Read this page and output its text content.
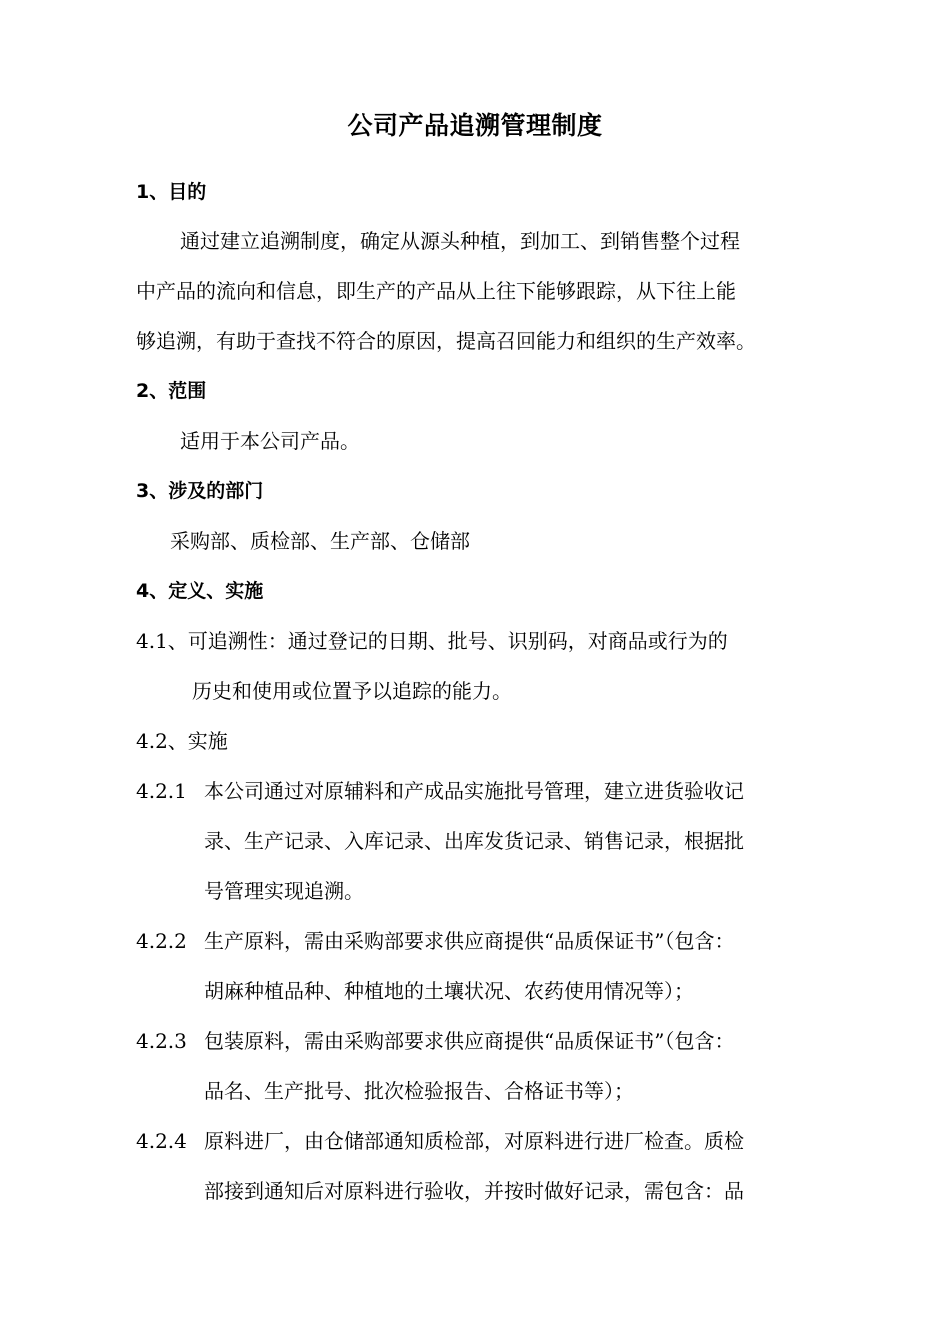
公司产品追溯管理制度
1、目的
通过建立追溯制度，确定从源头种植，到加工、到销售整个过程
中产品的流向和信息，即生产的产品从上往下能够跟踪，从下往上能
够追溯，有助于查找不符合的原因，提高召回能力和组织的生产效率。
2、范围
适用于本公司产品。
3、涉及的部门
采购部、质检部、生产部、仓储部
4、定义、实施
4.1、可追溯性：通过登记的日期、批号、识别码，对商品或行为的
历史和使用或位置予以追踪的能力。
4.2、实施
4.2.1 本公司通过对原辅料和产成品实施批号管理，建立进货验收记
录、生产记录、入库记录、出库发货记录、销售记录，根据批
号管理实现追溯。
4.2.2 生产原料，需由采购部要求供应商提供“品质保证书”（包含：
胡麻种植品种、种植地的土壤状况、农药使用情况等）；
4.2.3 包装原料，需由采购部要求供应商提供“品质保证书”（包含：
品名、生产批号、批次检验报告、合格证书等）；
4.2.4 原料进厂，由仓储部通知质检部，对原料进行进厂检查。质检
部接到通知后对原料进行验收，并按时做好记录，需包含：品
